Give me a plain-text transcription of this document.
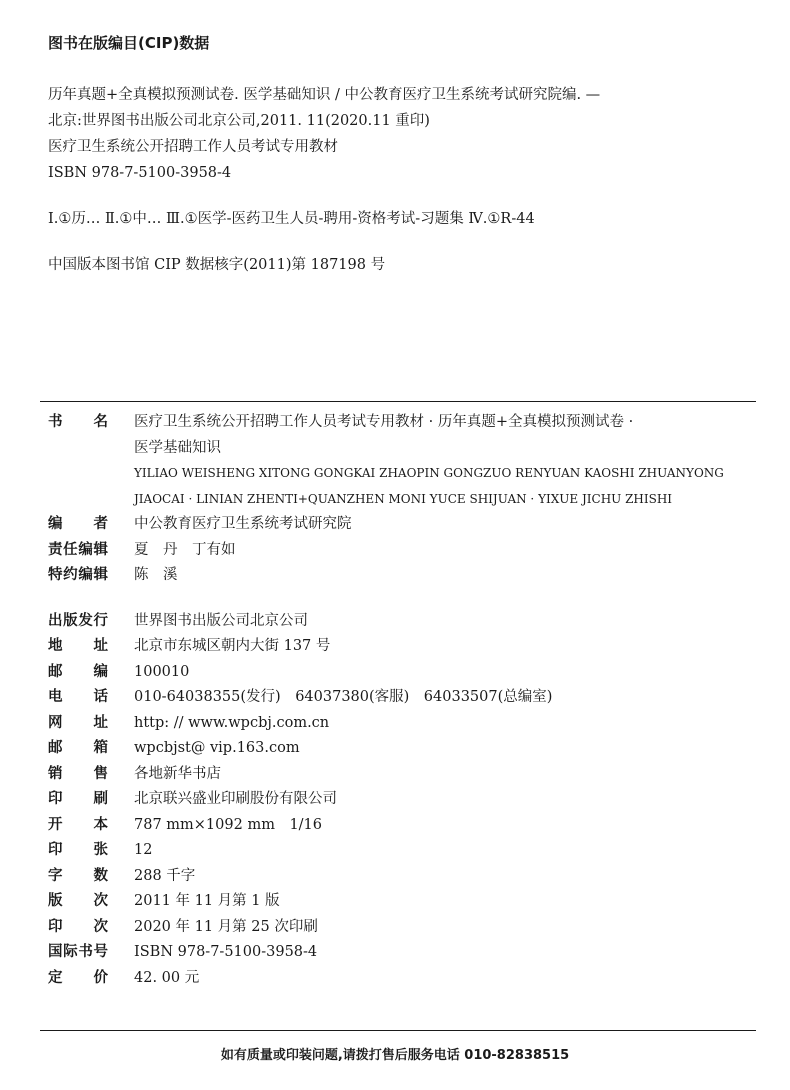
图书在版编目(CIP)数据
历年真题+全真模拟预测试卷. 医学基础知识 / 中公教育医疗卫生系统考试研究院编. —
北京:世界图书出版公司北京公司,2011. 11(2020.11 重印)
医疗卫生系统公开招聘工作人员考试专用教材
ISBN 978-7-5100-3958-4
Ⅰ.①历… Ⅱ.①中… Ⅲ.①医学-医药卫生人员-聘用-资格考试-习题集 Ⅳ.①R-44
中国版本图书馆 CIP 数据核字(2011)第 187198 号
书 名 医疗卫生系统公开招聘工作人员考试专用教材 · 历年真题+全真模拟预测试卷 ·
医学基础知识
YILIAO WEISHENG XITONG GONGKAI ZHAOPIN GONGZUO RENYUAN KAOSHI ZHUANYONG
JIAOCAI · LINIAN ZHENTI+QUANZHEN MONI YUCE SHIJUAN · YIXUE JICHU ZHISHI
编 者 中公教育医疗卫生系统考试研究院
责 任 编 辑 夏　丹　丁有如
特 约 编 辑 陈　溪
出 版 发 行 世界图书出版公司北京公司
地 址 北京市东城区朝内大街 137 号
邮 编 100010
电 话 010-64038355(发行)　64037380(客服)　64033507(总编室)
网 址 http: // www.wpcbj.com.cn
邮 箱 wpcbjst@ vip.163.com
销 售 各地新华书店
印 刷 北京联兴盛业印刷股份有限公司
开 本 787 mm×1092 mm　1/16
印 张 12
字 数 288 千字
版 次 2011 年 11 月第 1 版
印 次 2020 年 11 月第 25 次印刷
国 际 书 号 ISBN 978-7-5100-3958-4
定 价 42. 00 元
如有质量或印装问题,请拨打售后服务电话 010-82838515
